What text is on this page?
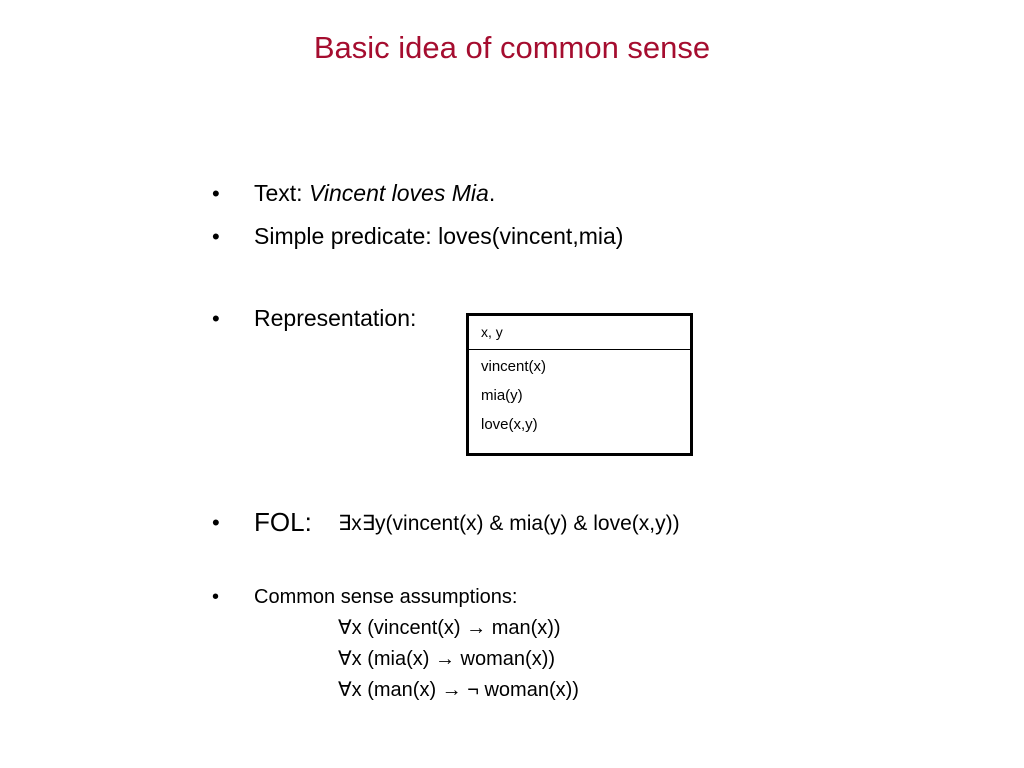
Basic idea of common sense
•	Text: Vincent loves Mia.
•	Simple predicate: loves(vincent,mia)
•	Representation:
x, y
vincent(x)
mia(y)
love(x,y)
•	FOL: ∃x∃y(vincent(x) & mia(y) & love(x,y))
•	Common sense assumptions:
∀x (vincent(x) → man(x))
∀x (mia(x) → woman(x))
∀x (man(x) → ¬ woman(x))
